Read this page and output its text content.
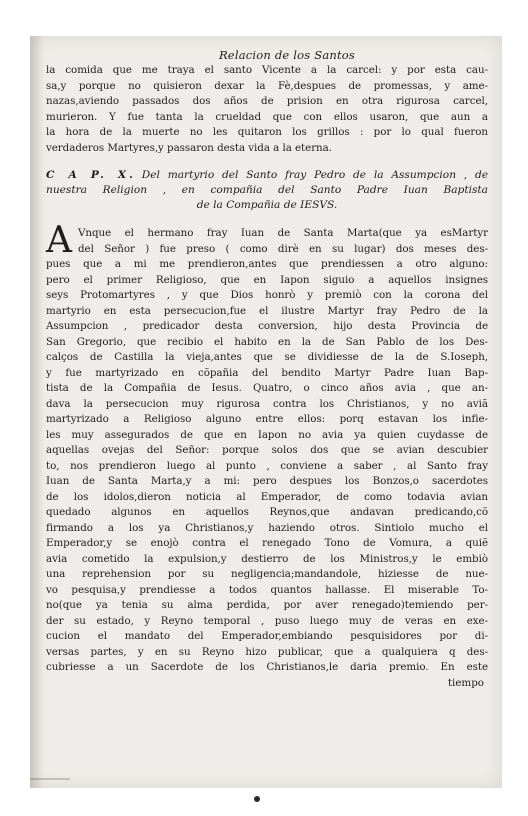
Relacion de los Santos
la comida que me traya el santo Vicente a la carcel: y por esta cau-
sa,y porque no quisieron dexar la Fè,despues de promessas, y ame-
nazas,aviendo passados dos años de prision en otra rigurosa carcel,
murieron. Y fue tanta la crueldad que con ellos usaron, que aun a
la hora de la muerte no les quitaron los grillos : por lo qual fueron
verdaderos Martyres,y passaron desta vida a la eterna.
C A P. X. Del martyrio del Santo fray Pedro de la Assumpcion , de
nuestra Religion , en compañia del Santo Padre Iuan Baptista
de la Compañia de IESVS.
A Vnque el hermano fray Iuan de Santa Marta(que ya esMartyr
del Señor ) fue preso ( como dirè en su lugar) dos meses des-
pues que a mi me prendieron,antes que prendiessen a otro alguno:
pero el primer Religioso, que en Iapon siguio a aquellos insignes
seys Protomartyres , y que Dios honrò y premiò con la corona del
martyrio en esta persecucion,fue el ilustre Martyr fray Pedro de la
Assumpcion , predicador desta conversion, hijo desta Provincia de
San Gregorio, que recibio el habito en la de San Pablo de los Des-
calços de Castilla la vieja,antes que se dividiesse de la de S.Ioseph,
y fue martyrizado en cõpañia del bendito Martyr Padre Iuan Bap-
tista de la Compañia de Iesus. Quatro, o cinco años avia , que an-
dava la persecucion muy rigurosa contra los Christianos, y no aviã
martyrizado a Religioso alguno entre ellos: porq estavan los infie-
les muy assegurados de que en Iapon no avia ya quien cuydasse de
aquellas ovejas del Señor: porque solos dos que se avian descubier
to, nos prendieron luego al punto , conviene a saber , al Santo fray
Iuan de Santa Marta,y a mi: pero despues los Bonzos,o sacerdotes
de los idolos,dieron noticia al Emperador, de como todavia avian
quedado algunos en aquellos Reynos,que andavan predicando,cõ
firmando a los ya Christianos,y haziendo otros. Sintiolo mucho el
Emperador,y se enojò contra el renegado Tono de Vomura, a quiẽ
avia cometido la expulsion,y destierro de los Ministros,y le embiò
una reprehension por su negligencia;mandandole, hiziesse de nue-
vo pesquisa,y prendiesse a todos quantos hallasse. El miserable To-
no(que ya tenia su alma perdida, por aver renegado)temiendo per-
der su estado, y Reyno temporal , puso luego muy de veras en exe-
cucion el mandato del Emperador,embiando pesquisidores por di-
versas partes, y en su Reyno hizo publicar, que a qualquiera q des-
cubriesse a un Sacerdote de los Christianos,le daria premio. En este
tiempo
